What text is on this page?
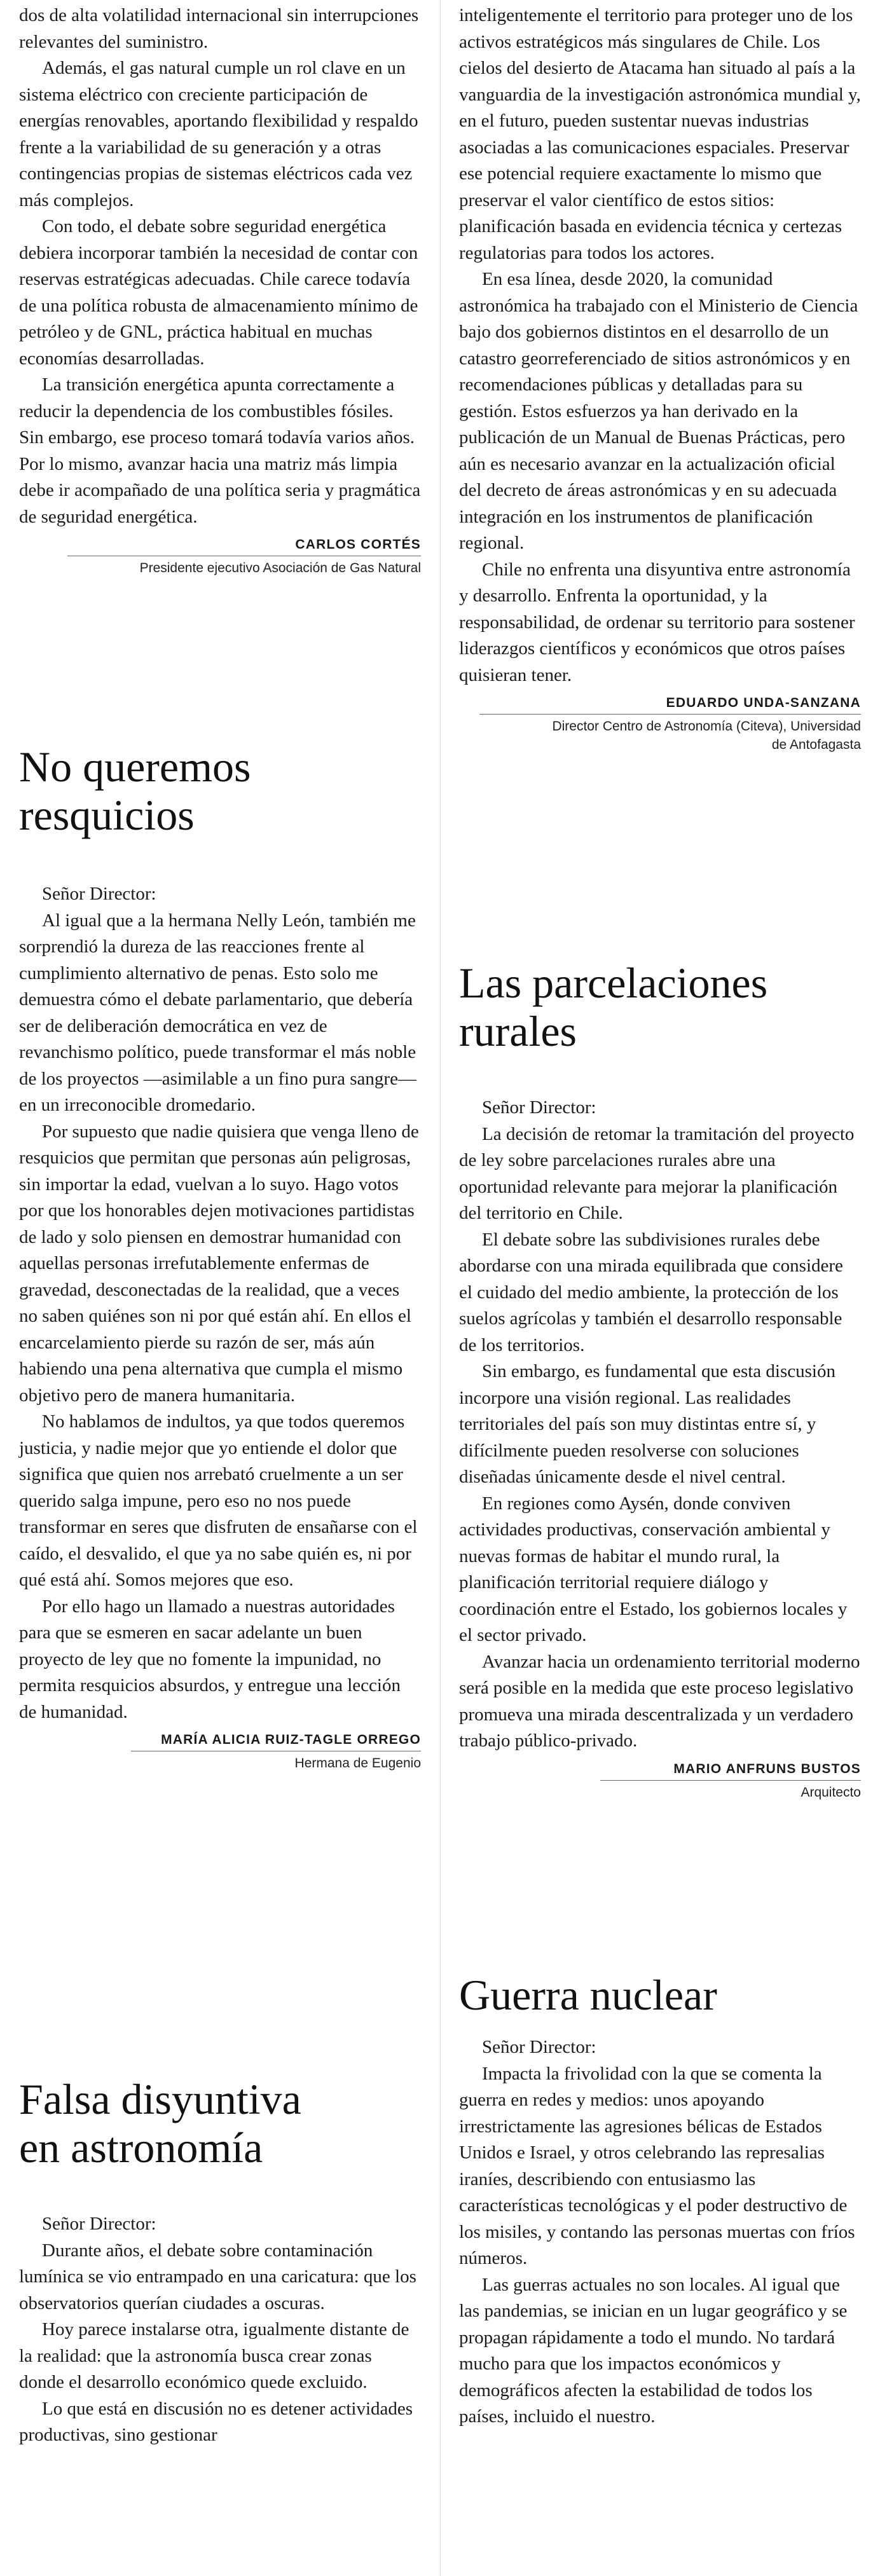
dos de alta volatilidad internacional sin interrupciones relevantes del suministro.

Además, el gas natural cumple un rol clave en un sistema eléctrico con creciente participación de energías renovables, aportando flexibilidad y respaldo frente a la variabilidad de su generación y a otras contingencias propias de sistemas eléctricos cada vez más complejos.

Con todo, el debate sobre seguridad energética debiera incorporar también la necesidad de contar con reservas estratégicas adecuadas. Chile carece todavía de una política robusta de almacenamiento mínimo de petróleo y de GNL, práctica habitual en muchas economías desarrolladas.

La transición energética apunta correctamente a reducir la dependencia de los combustibles fósiles. Sin embargo, ese proceso tomará todavía varios años. Por lo mismo, avanzar hacia una matriz más limpia debe ir acompañado de una política seria y pragmática de seguridad energética.

CARLOS CORTÉS
Presidente ejecutivo Asociación de Gas Natural
No queremos
resquicios

Señor Director:

Al igual que a la hermana Nelly León, también me sorprendió la dureza de las reacciones frente al cumplimiento alternativo de penas. Esto solo me demuestra cómo el debate parlamentario, que debería ser de deliberación democrática en vez de revanchismo político, puede transformar el más noble de los proyectos —asimilable a un fino pura sangre— en un irreconocible dromedario.

Por supuesto que nadie quisiera que venga lleno de resquicios que permitan que personas aún peligrosas, sin importar la edad, vuelvan a lo suyo. Hago votos por que los honorables dejen motivaciones partidistas de lado y solo piensen en demostrar humanidad con aquellas personas irrefutablemente enfermas de gravedad, desconectadas de la realidad, que a veces no saben quiénes son ni por qué están ahí. En ellos el encarcelamiento pierde su razón de ser, más aún habiendo una pena alternativa que cumpla el mismo objetivo pero de manera humanitaria.

No hablamos de indultos, ya que todos queremos justicia, y nadie mejor que yo entiende el dolor que significa que quien nos arrebató cruelmente a un ser querido salga impune, pero eso no nos puede transformar en seres que disfruten de ensañarse con el caído, el desvalido, el que ya no sabe quién es, ni por qué está ahí. Somos mejores que eso.

Por ello hago un llamado a nuestras autoridades para que se esmeren en sacar adelante un buen proyecto de ley que no fomente la impunidad, no permita resquicios absurdos, y entregue una lección de humanidad.

MARÍA ALICIA RUIZ-TAGLE ORREGO
Hermana de Eugenio
Falsa disyuntiva
en astronomía

Señor Director:

Durante años, el debate sobre contaminación lumínica se vio entrampado en una caricatura: que los observatorios querían ciudades a oscuras.

Hoy parece instalarse otra, igualmente distante de la realidad: que la astronomía busca crear zonas donde el desarrollo económico quede excluido.

Lo que está en discusión no es detener actividades productivas, sino gestionar

inteligentemente el territorio para proteger uno de los activos estratégicos más singulares de Chile. Los cielos del desierto de Atacama han situado al país a la vanguardia de la investigación astronómica mundial y, en el futuro, pueden sustentar nuevas industrias asociadas a las comunicaciones espaciales. Preservar ese potencial requiere exactamente lo mismo que preservar el valor científico de estos sitios: planificación basada en evidencia técnica y certezas regulatorias para todos los actores.

En esa línea, desde 2020, la comunidad astronómica ha trabajado con el Ministerio de Ciencia bajo dos gobiernos distintos en el desarrollo de un catastro georreferenciado de sitios astronómicos y en recomendaciones públicas y detalladas para su gestión. Estos esfuerzos ya han derivado en la publicación de un Manual de Buenas Prácticas, pero aún es necesario avanzar en la actualización oficial del decreto de áreas astronómicas y en su adecuada integración en los instrumentos de planificación regional.

Chile no enfrenta una disyuntiva entre astronomía y desarrollo. Enfrenta la oportunidad, y la responsabilidad, de ordenar su territorio para sostener liderazgos científicos y económicos que otros países quisieran tener.

EDUARDO UNDA-SANZANA
Director Centro de Astronomía (Citeva), Universidad
de Antofagasta
Las parcelaciones
rurales

Señor Director:

La decisión de retomar la tramitación del proyecto de ley sobre parcelaciones rurales abre una oportunidad relevante para mejorar la planificación del territorio en Chile.

El debate sobre las subdivisiones rurales debe abordarse con una mirada equilibrada que considere el cuidado del medio ambiente, la protección de los suelos agrícolas y también el desarrollo responsable de los territorios.

Sin embargo, es fundamental que esta discusión incorpore una visión regional. Las realidades territoriales del país son muy distintas entre sí, y difícilmente pueden resolverse con soluciones diseñadas únicamente desde el nivel central.

En regiones como Aysén, donde conviven actividades productivas, conservación ambiental y nuevas formas de habitar el mundo rural, la planificación territorial requiere diálogo y coordinación entre el Estado, los gobiernos locales y el sector privado.

Avanzar hacia un ordenamiento territorial moderno será posible en la medida que este proceso legislativo promueva una mirada descentralizada y un verdadero trabajo público-privado.

MARIO ANFRUNS BUSTOS
Arquitecto
Guerra nuclear

Señor Director:

Impacta la frivolidad con la que se comenta la guerra en redes y medios: unos apoyando irrestrictamente las agresiones bélicas de Estados Unidos e Israel, y otros celebrando las represalias iraníes, describiendo con entusiasmo las características tecnológicas y el poder destructivo de los misiles, y contando las personas muertas con fríos números.

Las guerras actuales no son locales. Al igual que las pandemias, se inician en un lugar geográfico y se propagan rápidamente a todo el mundo. No tardará mucho para que los impactos económicos y demográficos afecten la estabilidad de todos los países, incluido el nuestro.
